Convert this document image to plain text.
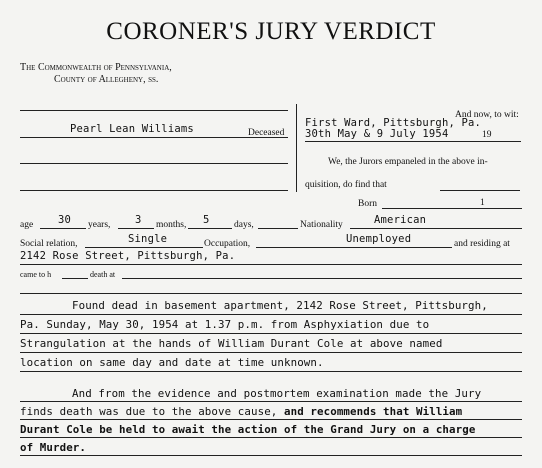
CORONER'S JURY VERDICT
The Commonwealth of Pennsylvania,
County of Allegheny, ss.
And now, to wit:
First Ward, Pittsburgh, Pa.
30th May & 9 July 1954	19
Pearl Lean Williams	Deceased
We, the Jurors empaneled in the above in-
quisition, do find that
Born	1
age 30 years, 3 months, 5	days,	Nationality	American
Social relation,	Single	Occupation,	Unemployed	and residing at
2142 Rose Street, Pittsburgh, Pa.
came to h	death at
Found dead in basement apartment, 2142 Rose Street, Pittsburgh,
Pa. Sunday, May 30, 1954 at 1.37 p.m. from Asphyxiation due to
Strangulation at the hands of William Durant Cole at above named
location on same day and date at time unknown.
And from the evidence and postmortem examination made the Jury
finds death was due to the above cause, and recommends that William
Durant Cole be held to await the action of the Grand Jury on a charge
of Murder.
